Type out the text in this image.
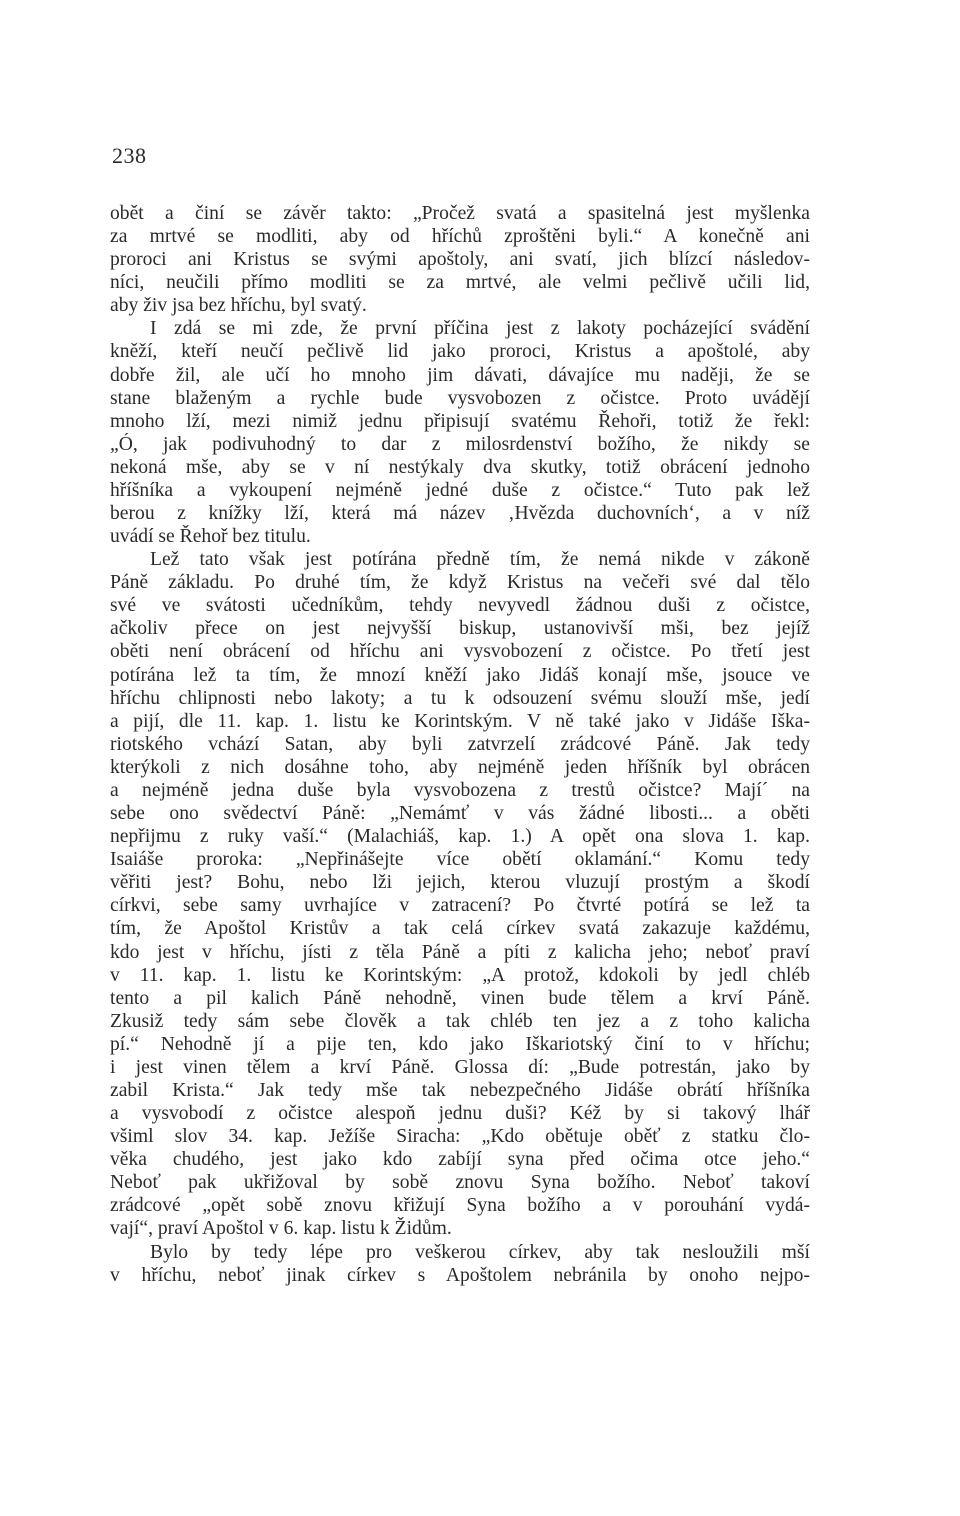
238
obět a činí se závěr takto: „Pročež svatá a spasitelná jest myšlenka
za mrtvé se modliti, aby od hříchů zproštěni byli.“ A konečně ani
proroci ani Kristus se svými apoštoly, ani svatí, jich blízcí následov-
níci, neučili přímo modliti se za mrtvé, ale velmi pečlivě učili lid,
aby živ jsa bez hříchu, byl svatý.
I zdá se mi zde, že první příčina jest z lakoty pocházející svádění
kněží, kteří neučí pečlivě lid jako proroci, Kristus a apoštolé, aby
dobře žil, ale učí ho mnoho jim dávati, dávajíce mu naději, že se
stane blaženým a rychle bude vysvobozen z očistce. Proto uvádějí
mnoho lží, mezi nimiž jednu připisují svatému Řehoři, totiž že řekl:
„Ó, jak podivuhodný to dar z milosrdenství božího, že nikdy se
nekoná mše, aby se v ní nestýkaly dva skutky, totiž obrácení jednoho
hříšníka a vykoupení nejméně jedné duše z očistce.“ Tuto pak lež
berou z knížky lží, která má název ‚Hvězda duchovních‘, a v níž
uvádí se Řehoř bez titulu.
Lež tato však jest potírána předně tím, že nemá nikde v zákoně
Páně základu. Po druhé tím, že když Kristus na večeři své dal tělo
své ve svátosti učedníkům, tehdy nevyvedl žádnou duši z očistce,
ačkoliv přece on jest nejvyšší biskup, ustanovivší mši, bez jejíž
oběti není obrácení od hříchu ani vysvobození z očistce. Po třetí jest
potírána lež ta tím, že mnozí kněží jako Jidáš konají mše, jsouce ve
hříchu chlipnosti nebo lakoty; a tu k odsouzení svému slouží mše, jedí
a pijí, dle 11. kap. 1. listu ke Korintským. V ně také jako v Jidáše Iška-
riotského vchází Satan, aby byli zatvrzelí zrádcové Páně. Jak tedy
kterýkoli z nich dosáhne toho, aby nejméně jeden hříšník byl obrácen
a nejméně jedna duše byla vysvobozena z trestů očistce? Mají´ na
sebe ono svědectví Páně: „Nemámť v vás žádné libosti... a oběti
nepřijmu z ruky vaší.“ (Malachiáš, kap. 1.) A opět ona slova 1. kap.
Isaiáše proroka: „Nepřinášejte více obětí oklamání.“ Komu tedy
věřiti jest? Bohu, nebo lži jejich, kterou vluzují prostým a škodí
církvi, sebe samy uvrhajíce v zatracení? Po čtvrté potírá se lež ta
tím, že Apoštol Kristův a tak celá církev svatá zakazuje každému,
kdo jest v hříchu, jísti z těla Páně a píti z kalicha jeho; neboť praví
v 11. kap. 1. listu ke Korintským: „A protož, kdokoli by jedl chléb
tento a pil kalich Páně nehodně, vinen bude tělem a krví Páně.
Zkusiž tedy sám sebe člověk a tak chléb ten jez a z toho kalicha
pí.“ Nehodně jí a pije ten, kdo jako Iškariotský činí to v hříchu;
i jest vinen tělem a krví Páně. Glossa dí: „Bude potrestán, jako by
zabil Krista.“ Jak tedy mše tak nebezpečného Jidáše obrátí hříšníka
a vysvobodí z očistce alespoň jednu duši? Kéž by si takový lhář
všiml slov 34. kap. Ježíše Siracha: „Kdo obětuje oběť z statku člo-
věka chudého, jest jako kdo zabíjí syna před očima otce jeho.“
Neboť pak ukřižoval by sobě znovu Syna božího. Neboť takoví
zrádcové „opět sobě znovu křižují Syna božího a v porouhání vydá-
vají“, praví Apoštol v 6. kap. listu k Židům.
Bylo by tedy lépe pro veškerou církev, aby tak nesloužili mší
v hříchu, neboť jinak církev s Apoštolem nebránila by onoho nejpo-
